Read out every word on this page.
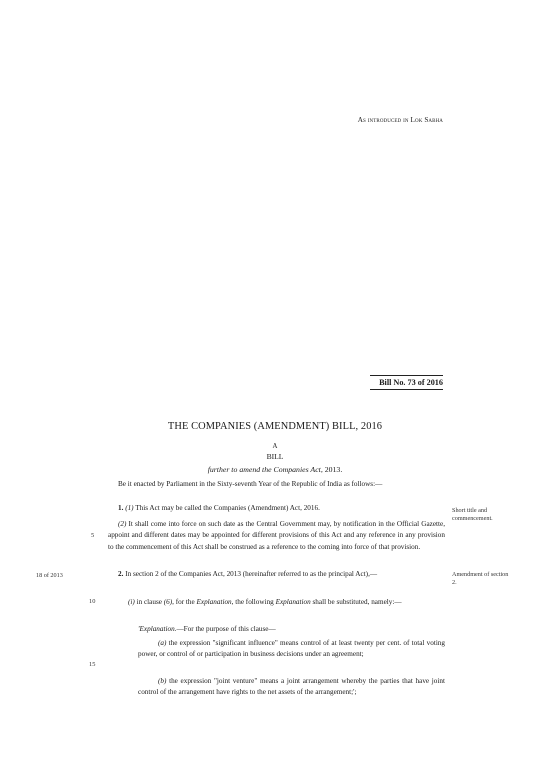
As introduced in Lok Sabha
Bill No. 73 of 2016
THE COMPANIES (AMENDMENT) BILL, 2016
A
BILL
further to amend the Companies Act, 2013.
Be it enacted by Parliament in the Sixty-seventh Year of the Republic of India as follows:—
1. (1) This Act may be called the Companies (Amendment) Act, 2016.	Short title and commencement.
(2) It shall come into force on such date as the Central Government may, by notification in the Official Gazette, appoint and different dates may be appointed for different provisions of this Act and any reference in any provision to the commencement of this Act shall be construed as a reference to the coming into force of that provision.
18 of 2013	2. In section 2 of the Companies Act, 2013 (hereinafter referred to as the principal Act),—	Amendment of section 2.
(i) in clause (6), for the Explanation, the following Explanation shall be substituted, namely:—
'Explanation.—For the purpose of this clause—
(a) the expression "significant influence" means control of at least twenty per cent. of total voting power, or control of or participation in business decisions under an agreement;
(b) the expression "joint venture" means a joint arrangement whereby the parties that have joint control of the arrangement have rights to the net assets of the arrangement;';
5
10
15
